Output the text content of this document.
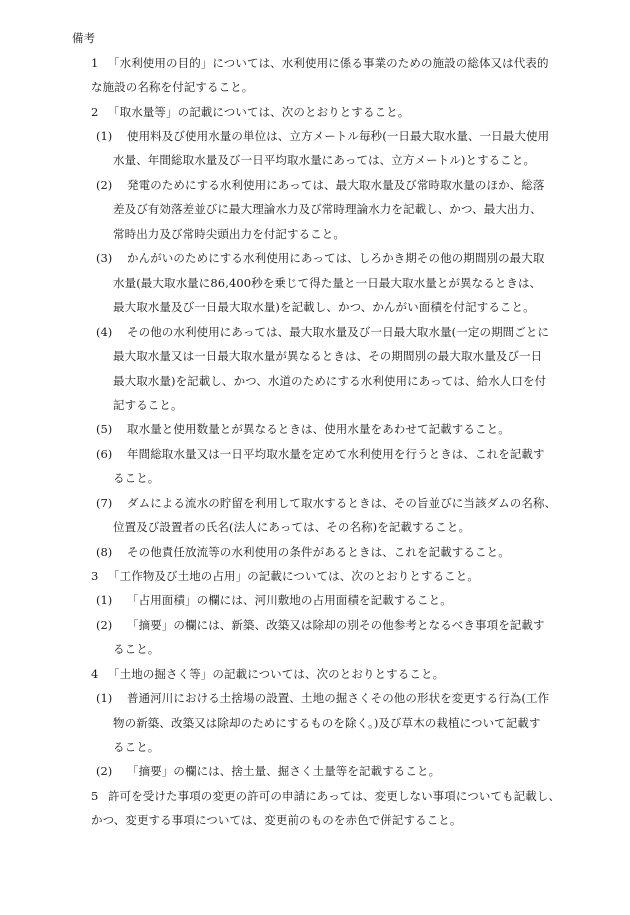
備考
1 「水利使用の目的」については、水利使用に係る事業のための施設の総体又は代表的
な施設の名称を付記すること。
2 「取水量等」の記載については、次のとおりとすること。
(1) 使用料及び使用水量の単位は、立方メートル毎秒(一日最大取水量、一日最大使用
水量、年間総取水量及び一日平均取水量にあっては、立方メートル)とすること。
(2) 発電のためにする水利使用にあっては、最大取水量及び常時取水量のほか、総落
差及び有効落差並びに最大理論水力及び常時理論水力を記載し、かつ、最大出力、
常時出力及び常時尖頭出力を付記すること。
(3) かんがいのためにする水利使用にあっては、しろかき期その他の期間別の最大取
水量(最大取水量に86,400秒を乗じて得た量と一日最大取水量とが異なるときは、
最大取水量及び一日最大取水量)を記載し、かつ、かんがい面積を付記すること。
(4) その他の水利使用にあっては、最大取水量及び一日最大取水量(一定の期間ごとに
最大取水量又は一日最大取水量が異なるときは、その期間別の最大取水量及び一日
最大取水量)を記載し、かつ、水道のためにする水利使用にあっては、給水人口を付
記すること。
(5) 取水量と使用数量とが異なるときは、使用水量をあわせて記載すること。
(6) 年間総取水量又は一日平均取水量を定めて水利使用を行うときは、これを記載す
ること。
(7) ダムによる流水の貯留を利用して取水するときは、その旨並びに当該ダムの名称、
位置及び設置者の氏名(法人にあっては、その名称)を記載すること。
(8) その他責任放流等の水利使用の条件があるときは、これを記載すること。
3 「工作物及び土地の占用」の記載については、次のとおりとすること。
(1) 「占用面積」の欄には、河川敷地の占用面積を記載すること。
(2) 「摘要」の欄には、新築、改築又は除却の別その他参考となるべき事項を記載す
ること。
4 「土地の掘さく等」の記載については、次のとおりとすること。
(1) 普通河川における土捨場の設置、土地の掘さくその他の形状を変更する行為(工作
物の新築、改築又は除却のためにするものを除く。)及び草木の栽植について記載す
ること。
(2) 「摘要」の欄には、捨土量、掘さく土量等を記載すること。
5 許可を受けた事項の変更の許可の申請にあっては、変更しない事項についても記載し、
かつ、変更する事項については、変更前のものを赤色で併記すること。
